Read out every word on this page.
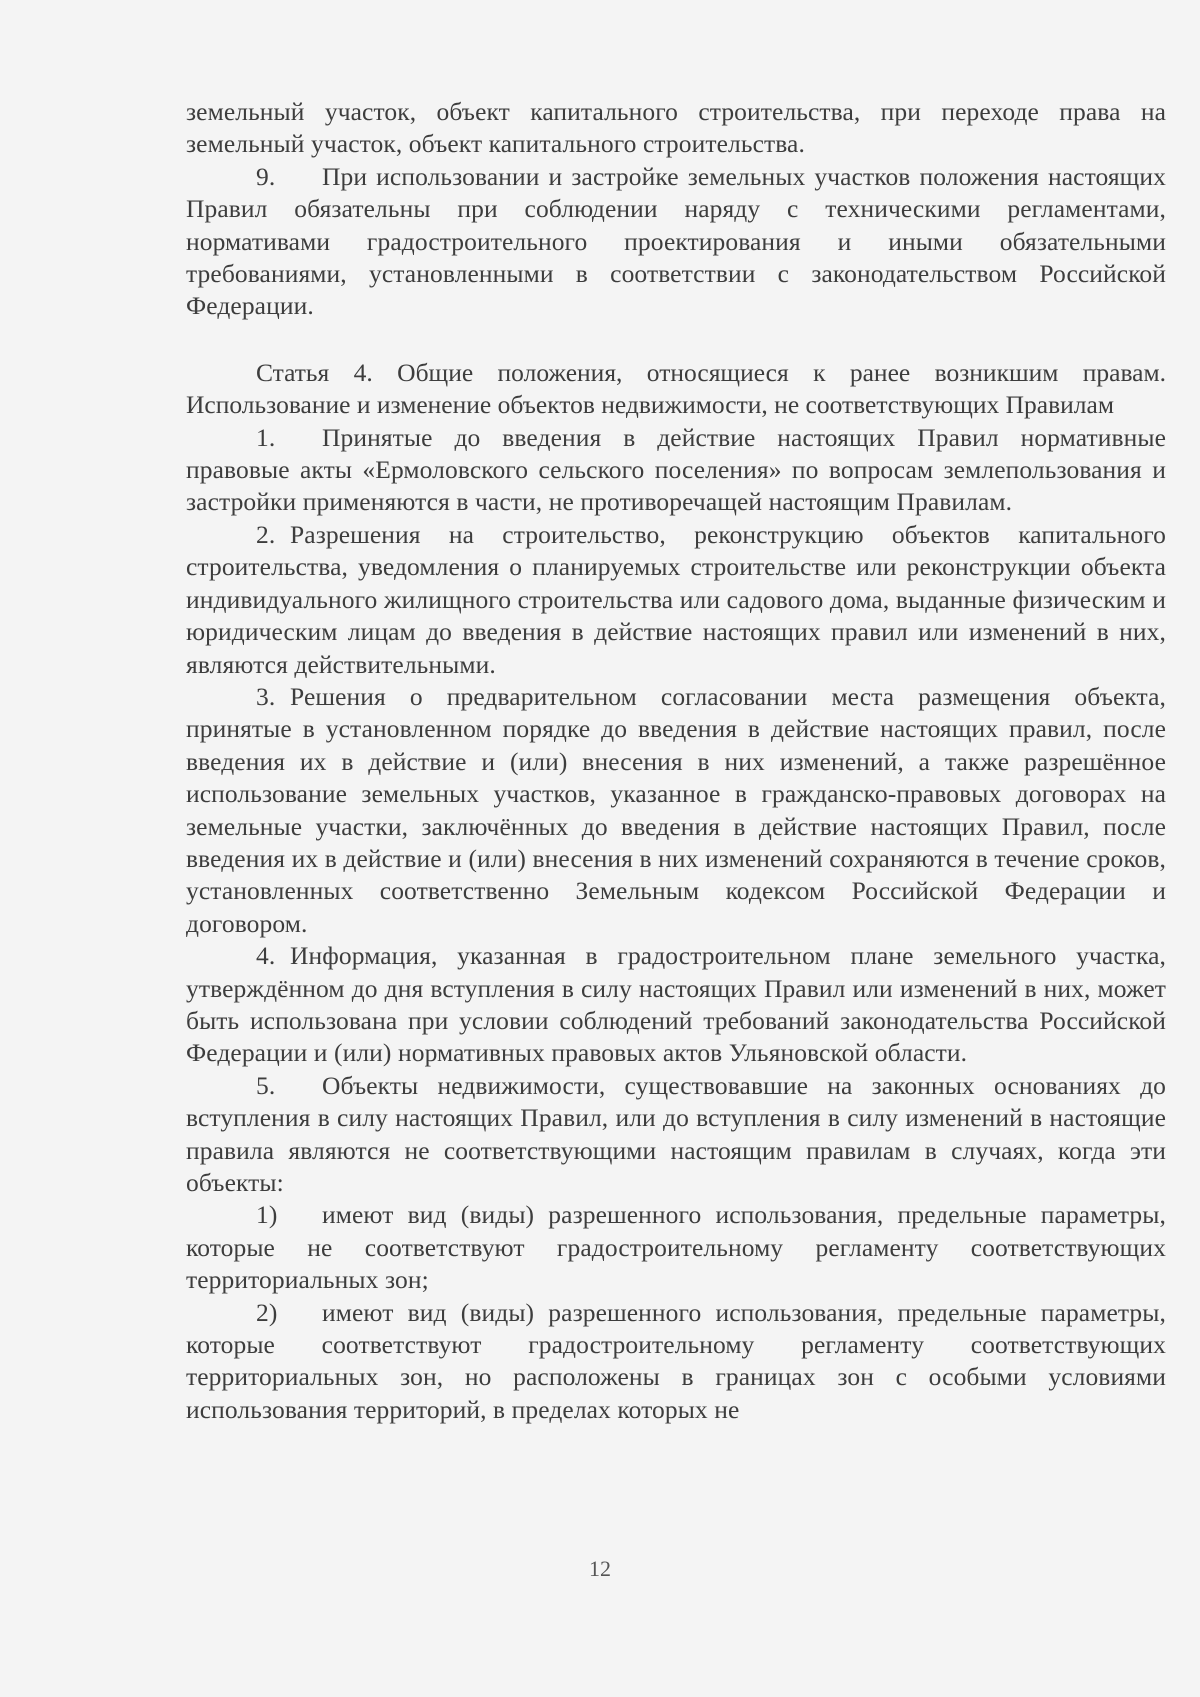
земельный участок, объект капитального строительства, при переходе права на земельный участок, объект капитального строительства.

9. При использовании и застройке земельных участков положения настоящих Правил обязательны при соблюдении наряду с техническими регламентами, нормативами градостроительного проектирования и иными обязательными требованиями, установленными в соответствии с законодательством Российской Федерации.

Статья 4. Общие положения, относящиеся к ранее возникшим правам. Использование и изменение объектов недвижимости, не соответствующих Правилам

1. Принятые до введения в действие настоящих Правил нормативные правовые акты «Ермоловского сельского поселения» по вопросам землепользования и застройки применяются в части, не противоречащей настоящим Правилам.

2. Разрешения на строительство, реконструкцию объектов капитального строительства, уведомления о планируемых строительстве или реконструкции объекта индивидуального жилищного строительства или садового дома, выданные физическим и юридическим лицам до введения в действие настоящих правил или изменений в них, являются действительными.

3. Решения о предварительном согласовании места размещения объекта, принятые в установленном порядке до введения в действие настоящих правил, после введения их в действие и (или) внесения в них изменений, а также разрешённое использование земельных участков, указанное в гражданско-правовых договорах на земельные участки, заключённых до введения в действие настоящих Правил, после введения их в действие и (или) внесения в них изменений сохраняются в течение сроков, установленных соответственно Земельным кодексом Российской Федерации и договором.

4. Информация, указанная в градостроительном плане земельного участка, утверждённом до дня вступления в силу настоящих Правил или изменений в них, может быть использована при условии соблюдений требований законодательства Российской Федерации и (или) нормативных правовых актов Ульяновской области.

5. Объекты недвижимости, существовавшие на законных основаниях до вступления в силу настоящих Правил, или до вступления в силу изменений в настоящие правила являются не соответствующими настоящим правилам в случаях, когда эти объекты:

1) имеют вид (виды) разрешенного использования, предельные параметры, которые не соответствуют градостроительному регламенту соответствующих территориальных зон;

2) имеют вид (виды) разрешенного использования, предельные параметры, которые соответствуют градостроительному регламенту соответствующих территориальных зон, но расположены в границах зон с особыми условиями использования территорий, в пределах которых не

12
